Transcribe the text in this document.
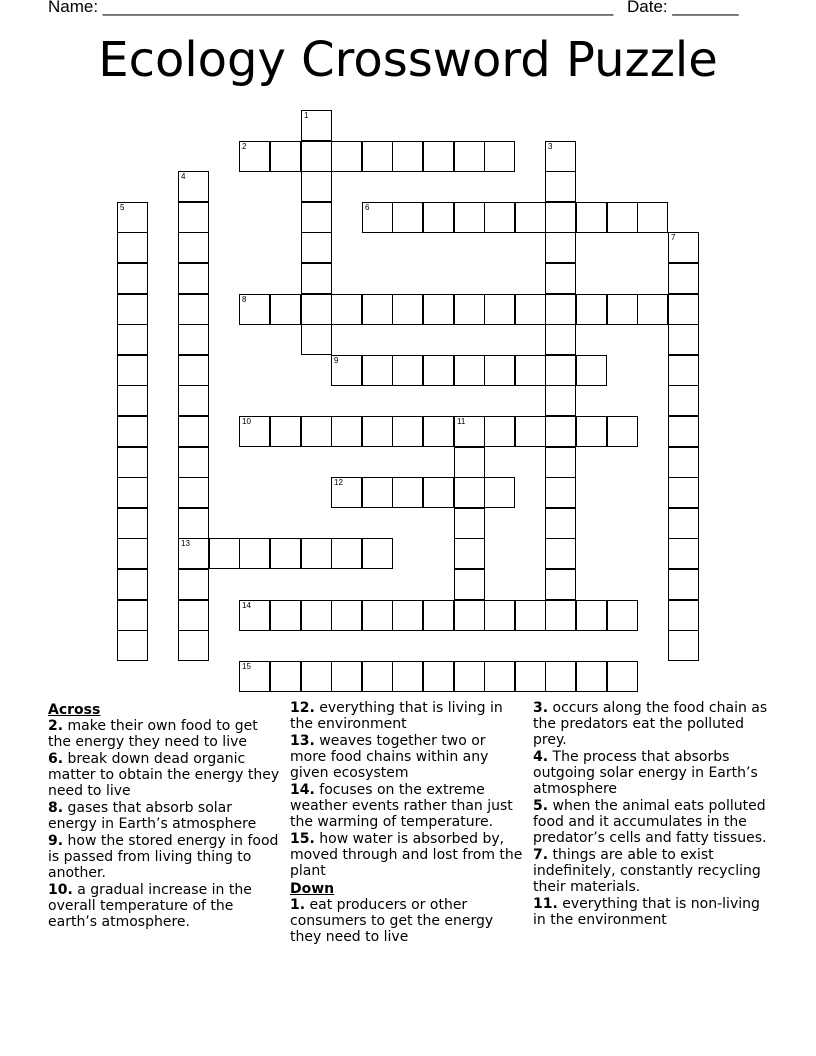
Name: ______________________________________________________ Date: _______
Ecology Crossword Puzzle
1
2	3
4
13
5	6
7
8
9
10	11
12
14
15
Across
2. make their own food to get the energy they need to live
6. break down dead organic matter to obtain the energy they need to live
8. gases that absorb solar energy in Earth’s atmosphere
9. how the stored energy in food is passed from living thing to another.
10. a gradual increase in the overall temperature of the earth’s atmosphere.
12. everything that is living in the environment
13. weaves together two or more food chains within any given ecosystem
14. focuses on the extreme weather events rather than just the warming of temperature.
15. how water is absorbed by, moved through and lost from the plant
Down
1. eat producers or other consumers to get the energy they need to live
3. occurs along the food chain as the predators eat the polluted prey.
4. The process that absorbs outgoing solar energy in Earth’s atmosphere
5. when the animal eats polluted food and it accumulates in the predator’s cells and fatty tissues.
7. things are able to exist indefinitely, constantly recycling their materials.
11. everything that is non-living in the environment
